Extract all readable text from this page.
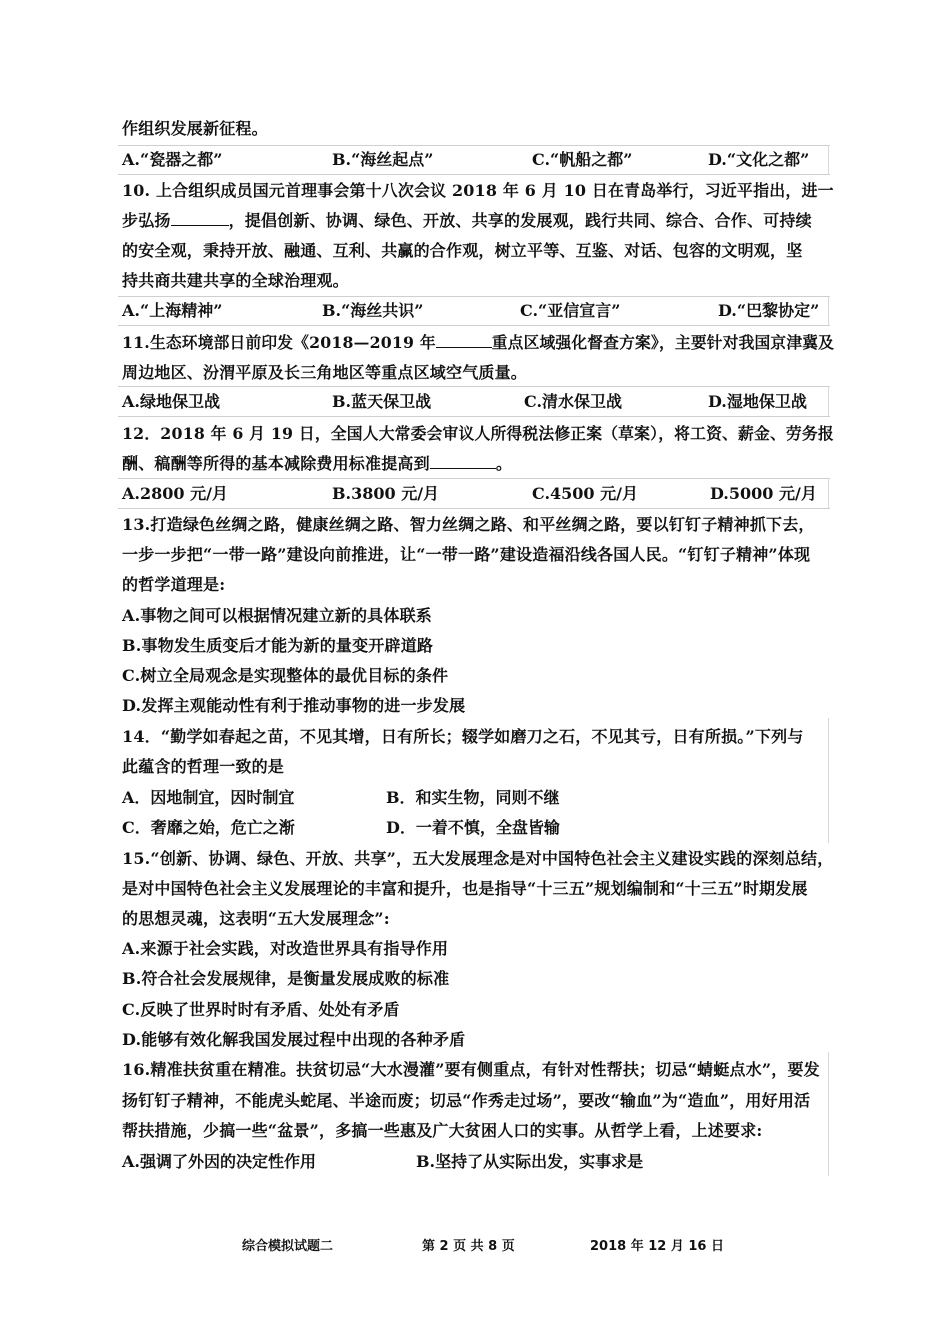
作组织发展新征程。
A.“瓷器之都”	B.“海丝起点”	C.“帆船之都”	D.“文化之都”
10. 上合组织成员国元首理事会第十八次会议 2018 年 6 月 10 日在青岛举行，习近平指出，进一
步弘扬	，提倡创新、协调、绿色、开放、共享的发展观，践行共同、综合、合作、可持续
的安全观，秉持开放、融通、互利、共赢的合作观，树立平等、互鉴、对话、包容的文明观，坚
持共商共建共享的全球治理观。
A.“上海精神”	B.“海丝共识”	C.“亚信宣言”	D.“巴黎协定”
11.生态环境部日前印发《2018—2019 年	重点区域强化督查方案》，主要针对我国京津冀及
周边地区、汾渭平原及长三角地区等重点区域空气质量。
A.绿地保卫战	B.蓝天保卫战	C.清水保卫战	D.湿地保卫战
12．2018 年 6 月 19 日，全国人大常委会审议人所得税法修正案（草案），将工资、薪金、劳务报
酬、稿酬等所得的基本减除费用标准提高到	。
A.2800 元/月	B.3800 元/月	C.4500 元/月	D.5000 元/月
13.打造绿色丝绸之路，健康丝绸之路、智力丝绸之路、和平丝绸之路，要以钉钉子精神抓下去，
一步一步把“一带一路”建设向前推进，让“一带一路”建设造福沿线各国人民。“钉钉子精神”体现
的哲学道理是:
A.事物之间可以根据情况建立新的具体联系
B.事物发生质变后才能为新的量变开辟道路
C.树立全局观念是实现整体的最优目标的条件
D.发挥主观能动性有利于推动事物的进一步发展
14．“勤学如春起之苗，不见其增，日有所长；辍学如磨刀之石，不见其亏，日有所损。”下列与
此蕴含的哲理一致的是
A．因地制宜，因时制宜	B．和实生物，同则不继
C．奢靡之始，危亡之渐	D．一着不慎，全盘皆输
15.“创新、协调、绿色、开放、共享”，五大发展理念是对中国特色社会主义建设实践的深刻总结，
是对中国特色社会主义发展理论的丰富和提升，也是指导“十三五”规划编制和“十三五”时期发展
的思想灵魂，这表明“五大发展理念”:
A.来源于社会实践，对改造世界具有指导作用
B.符合社会发展规律，是衡量发展成败的标准
C.反映了世界时时有矛盾、处处有矛盾
D.能够有效化解我国发展过程中出现的各种矛盾
16.精准扶贫重在精准。扶贫切忌“大水漫灌”要有侧重点，有针对性帮扶；切忌“蜻蜓点水”，要发
扬钉钉子精神，不能虎头蛇尾、半途而废；切忌“作秀走过场”，要改“输血”为“造血”，用好用活
帮扶措施，少搞一些“盆景”，多搞一些惠及广大贫困人口的实事。从哲学上看，上述要求:
A.强调了外因的决定性作用	B.坚持了从实际出发，实事求是
综合模拟试题二	第 2 页 共 8 页	2018 年 12 月 16 日
